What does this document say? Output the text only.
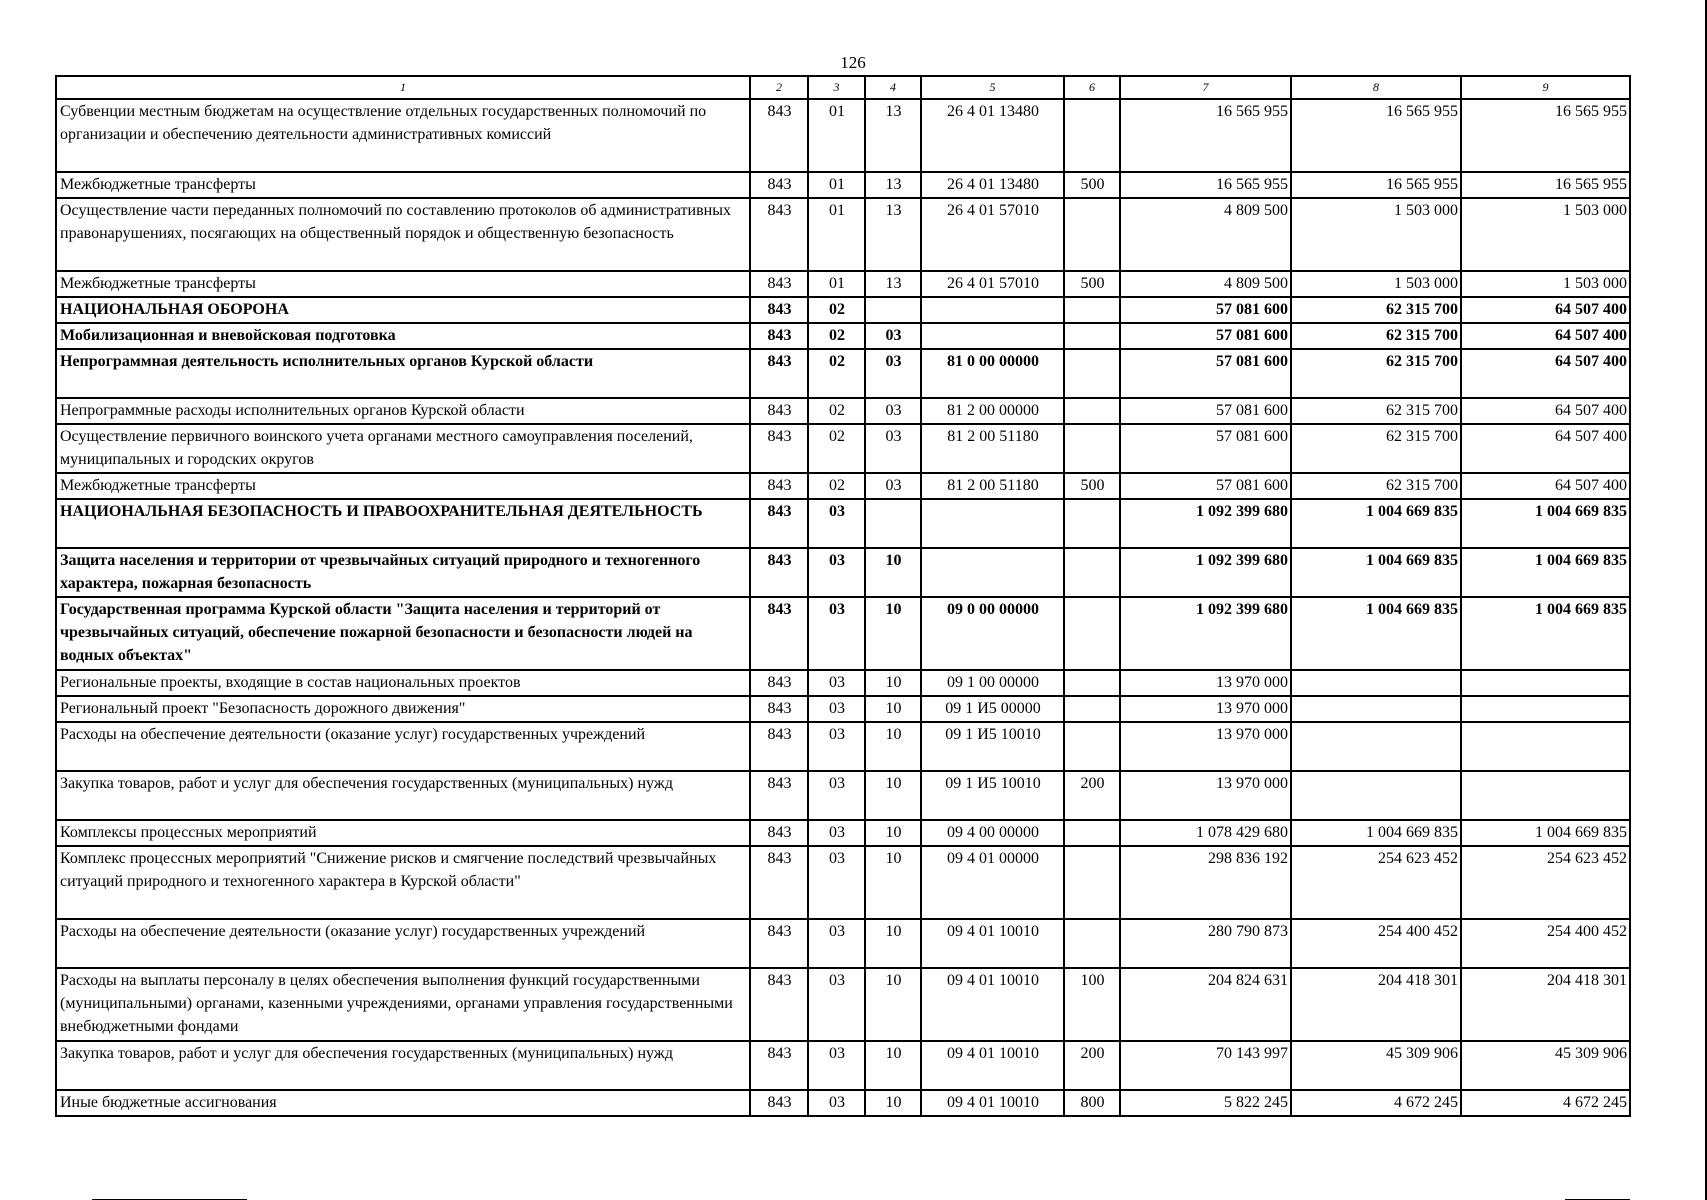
126
1	2	3	4	5	6	7	8	9
Субвенции местным бюджетам на осуществление отдельных государственных полномочий по организации и обеспечению деятельности административных комиссий	843	01	13	26 4 01 13480		16 565 955	16 565 955	16 565 955
Межбюджетные трансферты	843	01	13	26 4 01 13480	500	16 565 955	16 565 955	16 565 955
Осуществление части переданных полномочий по составлению протоколов об административных правонарушениях, посягающих на общественный порядок и общественную безопасность	843	01	13	26 4 01 57010		4 809 500	1 503 000	1 503 000
Межбюджетные трансферты	843	01	13	26 4 01 57010	500	4 809 500	1 503 000	1 503 000
НАЦИОНАЛЬНАЯ ОБОРОНА	843	02				57 081 600	62 315 700	64 507 400
Мобилизационная и вневойсковая подготовка	843	02	03			57 081 600	62 315 700	64 507 400
Непрограммная деятельность исполнительных органов Курской области	843	02	03	81 0 00 00000		57 081 600	62 315 700	64 507 400
Непрограммные расходы исполнительных органов Курской области	843	02	03	81 2 00 00000		57 081 600	62 315 700	64 507 400
Осуществление первичного воинского учета органами местного самоуправления поселений, муниципальных и городских округов	843	02	03	81 2 00 51180		57 081 600	62 315 700	64 507 400
Межбюджетные трансферты	843	02	03	81 2 00 51180	500	57 081 600	62 315 700	64 507 400
НАЦИОНАЛЬНАЯ БЕЗОПАСНОСТЬ И ПРАВООХРАНИТЕЛЬНАЯ ДЕЯТЕЛЬНОСТЬ	843	03				1 092 399 680	1 004 669 835	1 004 669 835
Защита населения и территории от чрезвычайных ситуаций природного и техногенного характера, пожарная безопасность	843	03	10			1 092 399 680	1 004 669 835	1 004 669 835
Государственная программа Курской области "Защита населения и территорий от чрезвычайных ситуаций, обеспечение пожарной безопасности и безопасности людей на водных объектах"	843	03	10	09 0 00 00000		1 092 399 680	1 004 669 835	1 004 669 835
Региональные проекты, входящие в состав национальных проектов	843	03	10	09 1 00 00000		13 970 000		
Региональный проект "Безопасность дорожного движения"	843	03	10	09 1 И5 00000		13 970 000		
Расходы на обеспечение деятельности (оказание услуг) государственных учреждений	843	03	10	09 1 И5 10010		13 970 000		
Закупка товаров, работ и услуг для обеспечения государственных (муниципальных) нужд	843	03	10	09 1 И5 10010	200	13 970 000		
Комплексы процессных мероприятий	843	03	10	09 4 00 00000		1 078 429 680	1 004 669 835	1 004 669 835
Комплекс процессных мероприятий "Снижение рисков и смягчение последствий чрезвычайных ситуаций природного и техногенного характера в Курской области"	843	03	10	09 4 01 00000		298 836 192	254 623 452	254 623 452
Расходы на обеспечение деятельности (оказание услуг) государственных учреждений	843	03	10	09 4 01 10010		280 790 873	254 400 452	254 400 452
Расходы на выплаты персоналу в целях обеспечения выполнения функций государственными (муниципальными) органами, казенными учреждениями, органами управления государственными внебюджетными фондами	843	03	10	09 4 01 10010	100	204 824 631	204 418 301	204 418 301
Закупка товаров, работ и услуг для обеспечения государственных (муниципальных) нужд	843	03	10	09 4 01 10010	200	70 143 997	45 309 906	45 309 906
Иные бюджетные ассигнования	843	03	10	09 4 01 10010	800	5 822 245	4 672 245	4 672 245
